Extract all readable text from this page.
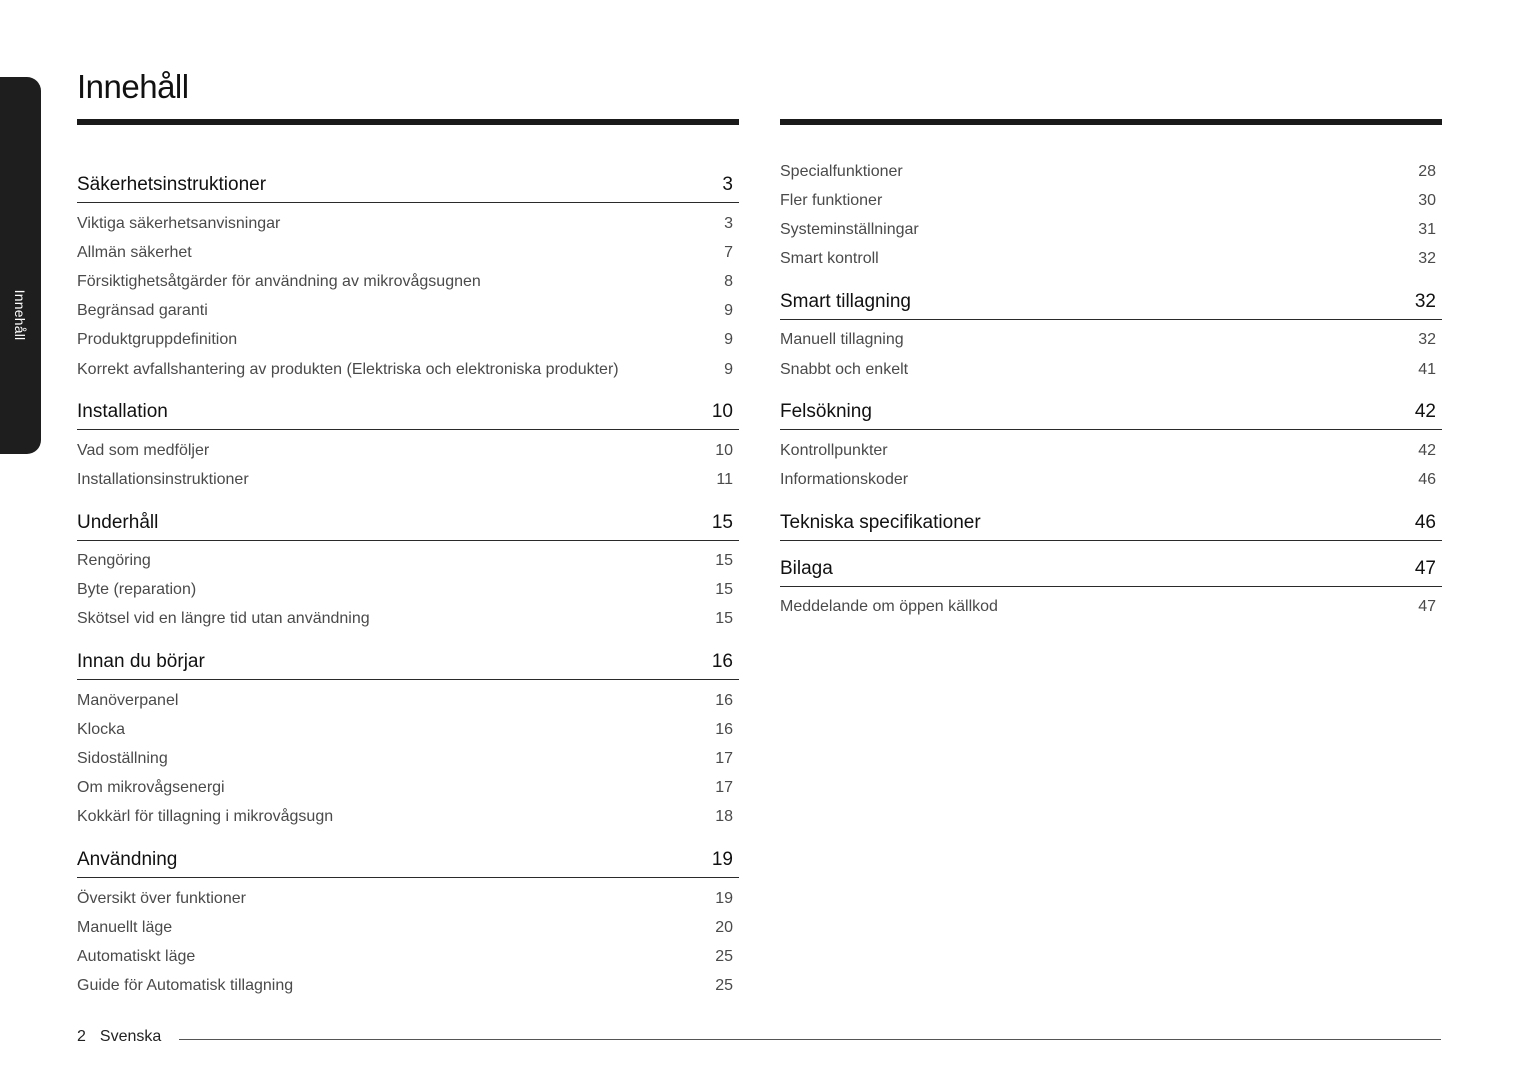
Innehåll
Innehåll
Säkerhetsinstruktioner	3
Viktiga säkerhetsanvisningar	3
Allmän säkerhet	7
Försiktighetsåtgärder för användning av mikrovågsugnen	8
Begränsad garanti	9
Produktgruppdefinition	9
Korrekt avfallshantering av produkten (Elektriska och elektroniska produkter)	9
Installation	10
Vad som medföljer	10
Installationsinstruktioner	11
Underhåll	15
Rengöring	15
Byte (reparation)	15
Skötsel vid en längre tid utan användning	15
Innan du börjar	16
Manöverpanel	16
Klocka	16
Sidoställning	17
Om mikrovågsenergi	17
Kokkärl för tillagning i mikrovågsugn	18
Användning	19
Översikt över funktioner	19
Manuellt läge	20
Automatiskt läge	25
Guide för Automatisk tillagning	25
Specialfunktioner	28
Fler funktioner	30
Systeminställningar	31
Smart kontroll	32
Smart tillagning	32
Manuell tillagning	32
Snabbt och enkelt	41
Felsökning	42
Kontrollpunkter	42
Informationskoder	46
Tekniska specifikationer	46
Bilaga	47
Meddelande om öppen källkod	47
2 Svenska
